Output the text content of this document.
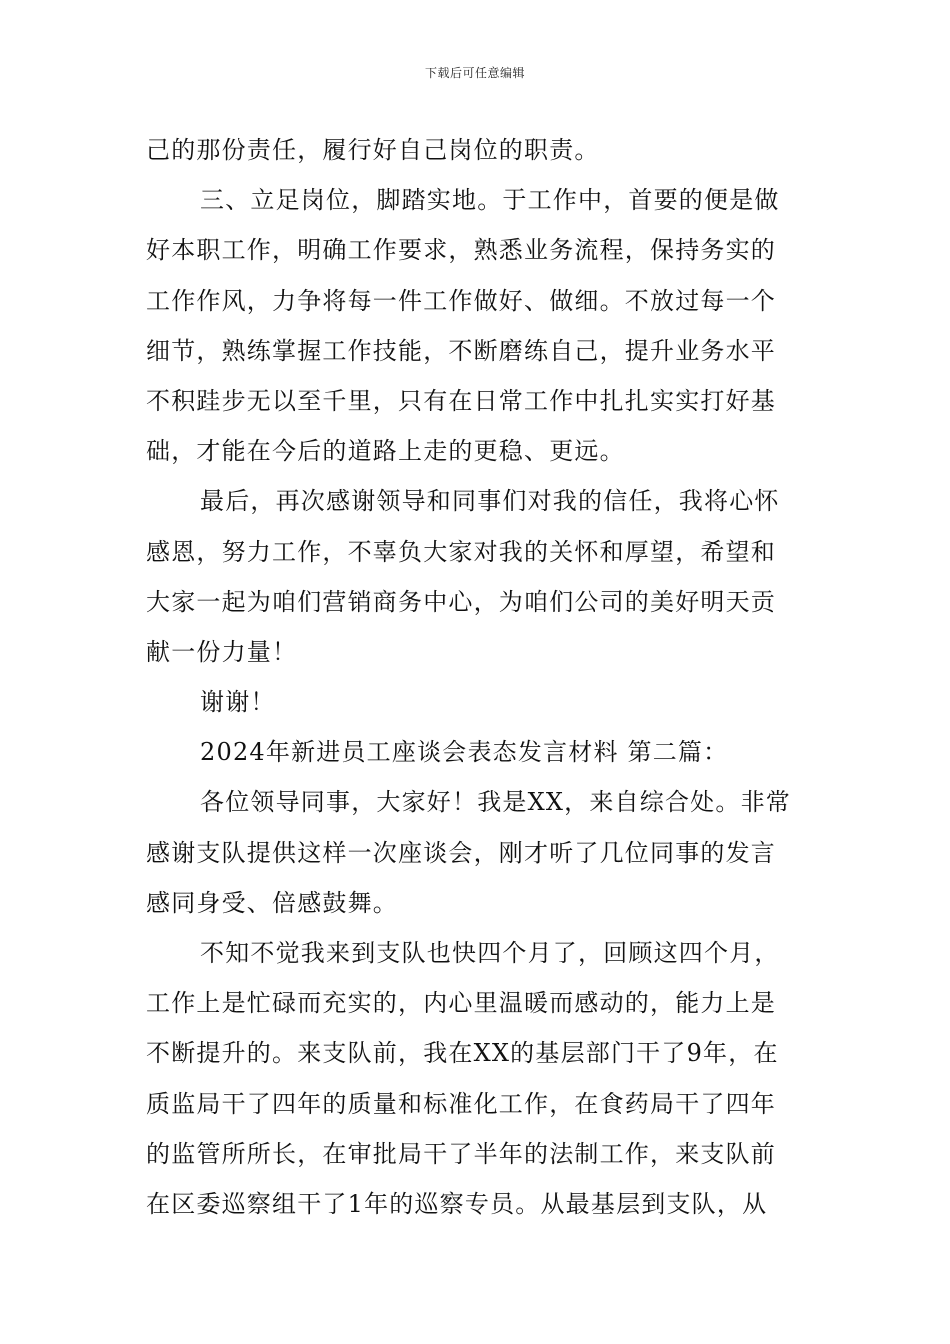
下载后可任意编辑
己的那份责任，履行好自己岗位的职责。
三、立足岗位，脚踏实地。于工作中，首要的便是做
好本职工作，明确工作要求，熟悉业务流程，保持务实的
工作作风，力争将每一件工作做好、做细。不放过每一个
细节，熟练掌握工作技能，不断磨练自己，提升业务水平
不积跬步无以至千里，只有在日常工作中扎扎实实打好基
础，才能在今后的道路上走的更稳、更远。
最后，再次感谢领导和同事们对我的信任，我将心怀
感恩，努力工作，不辜负大家对我的关怀和厚望，希望和
大家一起为咱们营销商务中心，为咱们公司的美好明天贡
献一份力量！
谢谢！
2024年新进员工座谈会表态发言材料 第二篇：
各位领导同事，大家好！我是XX，来自综合处。非常
感谢支队提供这样一次座谈会，刚才听了几位同事的发言
感同身受、倍感鼓舞。
不知不觉我来到支队也快四个月了，回顾这四个月，
工作上是忙碌而充实的，内心里温暖而感动的，能力上是
不断提升的。来支队前，我在XX的基层部门干了9年，在
质监局干了四年的质量和标准化工作，在食药局干了四年
的监管所所长，在审批局干了半年的法制工作，来支队前
在区委巡察组干了1年的巡察专员。从最基层到支队，从
